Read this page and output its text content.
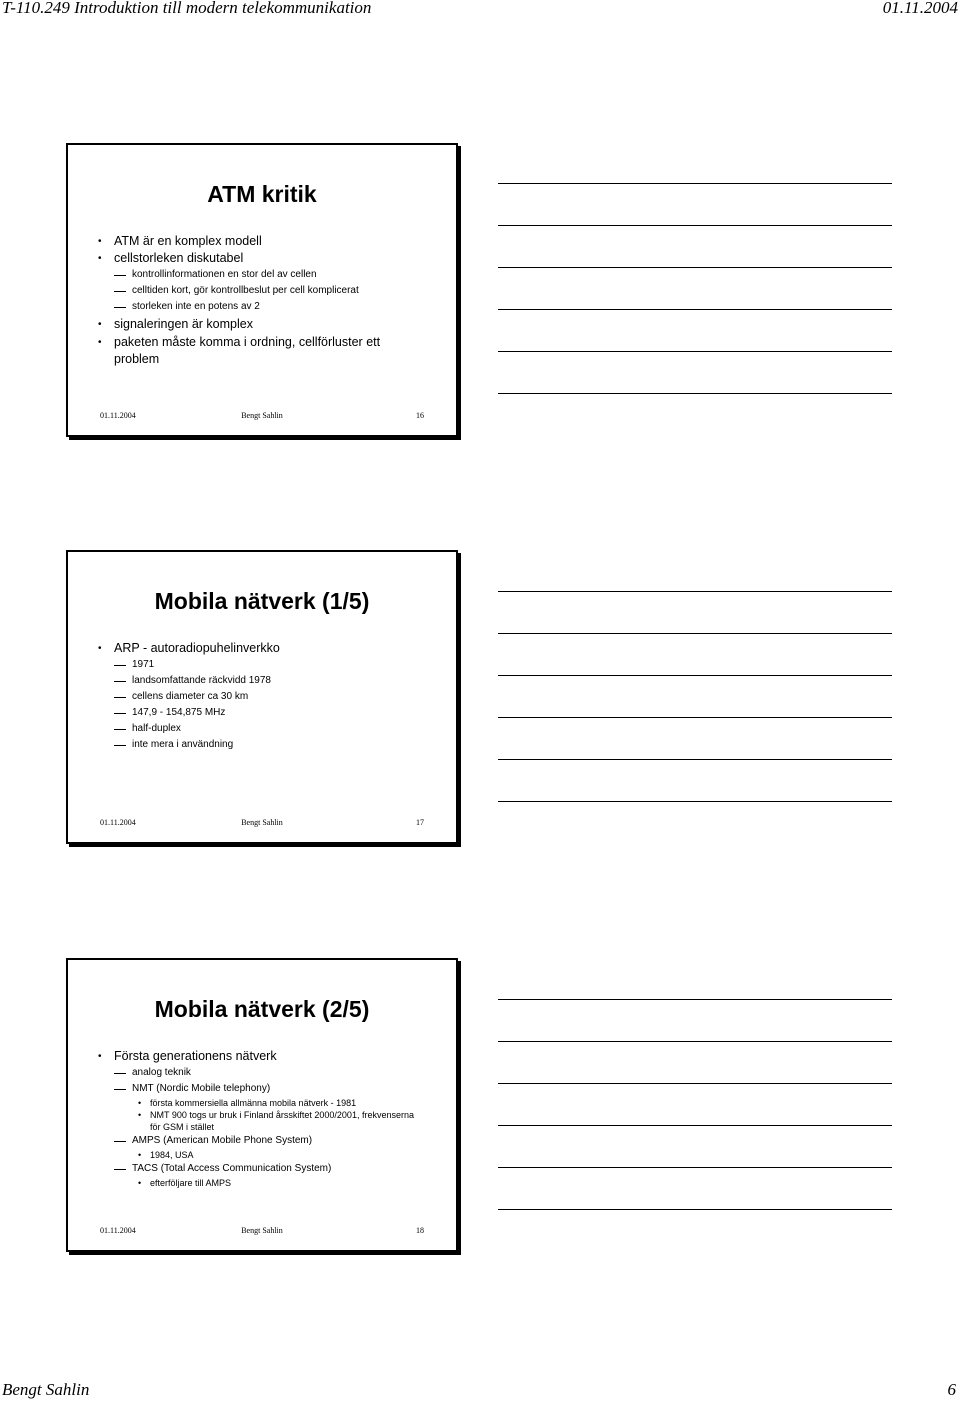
T-110.249 Introduktion till modern telekommunikation	01.11.2004
ATM kritik
• ATM är en komplex modell
• cellstorleken diskutabel
kontrollinformationen en stor del av cellen
celltiden kort, gör kontrollbeslut per cell komplicerat
storleken inte en potens av 2
• signaleringen är komplex
• paketen måste komma i ordning, cellförluster ett problem
01.11.2004	Bengt Sahlin	16
Mobila nätverk (1/5)
• ARP - autoradiopuhelinverkko
1971
landsomfattande räckvidd 1978
cellens diameter ca 30 km
147,9 - 154,875 MHz
half-duplex
inte mera i användning
01.11.2004	Bengt Sahlin	17
Mobila nätverk (2/5)
• Första generationens nätverk
analog teknik
NMT (Nordic Mobile telephony)
• första kommersiella allmänna mobila nätverk - 1981
• NMT 900 togs ur bruk i Finland årsskiftet 2000/2001, frekvenserna för GSM i stället
AMPS (American Mobile Phone System)
• 1984, USA
TACS (Total Access Communication System)
• efterföljare till AMPS
01.11.2004	Bengt Sahlin	18
Bengt Sahlin	6
